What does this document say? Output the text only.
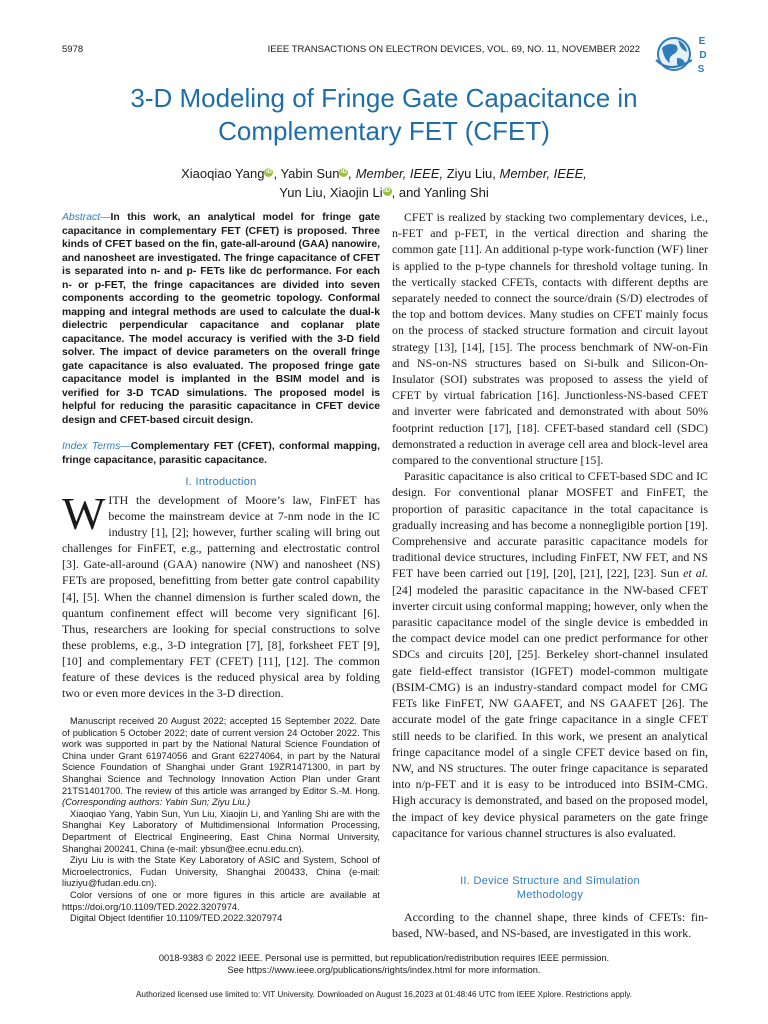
5978	IEEE TRANSACTIONS ON ELECTRON DEVICES, VOL. 69, NO. 11, NOVEMBER 2022
E
D
S
3-D Modeling of Fringe Gate Capacitance in
Complementary FET (CFET)
Xiaoqiao Yang iD , Yabin Sun iD , Member, IEEE, Ziyu Liu, Member, IEEE,
Yun Liu, Xiaojin Li iD , and Yanling Shi
Abstract—In this work, an analytical model for fringe gate capacitance in complementary FET (CFET) is proposed. Three kinds of CFET based on the fin, gate-all-around (GAA) nanowire, and nanosheet are investigated. The fringe capacitance of CFET is separated into n- and p- FETs like dc performance. For each n- or p-FET, the fringe capacitances are divided into seven components according to the geometric topology. Conformal mapping and integral methods are used to calculate the dual-k dielectric perpendicular capacitance and coplanar plate capacitance. The model accuracy is verified with the 3-D field solver. The impact of device parameters on the overall fringe gate capacitance is also evaluated. The proposed fringe gate capacitance model is implanted in the BSIM model and is verified for 3-D TCAD simulations. The proposed model is helpful for reducing the parasitic capacitance in CFET device design and CFET-based circuit design.
Index Terms—Complementary FET (CFET), conformal mapping, fringe capacitance, parasitic capacitance.
I. Introduction
WITH the development of Moore’s law, FinFET has become the mainstream device at 7-nm node in the IC industry [1], [2]; however, further scaling will bring out challenges for FinFET, e.g., patterning and electrostatic control [3]. Gate-all-around (GAA) nanowire (NW) and nanosheet (NS) FETs are proposed, benefitting from better gate control capability [4], [5]. When the channel dimension is further scaled down, the quantum confinement effect will become very significant [6]. Thus, researchers are looking for special constructions to solve these problems, e.g., 3-D integration [7], [8], forksheet FET [9], [10] and complementary FET (CFET) [11], [12]. The common feature of these devices is the reduced physical area by folding two or even more devices in the 3-D direction.

Manuscript received 20 August 2022; accepted 15 September 2022. Date of publication 5 October 2022; date of current version 24 October 2022. This work was supported in part by the National Natural Science Foundation of China under Grant 61974056 and Grant 62274064, in part by the Natural Science Foundation of Shanghai under Grant 19ZR1471300, in part by Shanghai Science and Technology Innovation Action Plan under Grant 21TS1401700. The review of this article was arranged by Editor S.-M. Hong. (Corresponding authors: Yabin Sun; Ziyu Liu.)

Xiaoqiao Yang, Yabin Sun, Yun Liu, Xiaojin Li, and Yanling Shi are with the Shanghai Key Laboratory of Multidimensional Information Processing, Department of Electrical Engineering, East China Normal University, Shanghai 200241, China (e-mail: ybsun@ee.ecnu.edu.cn).

Ziyu Liu is with the State Key Laboratory of ASIC and System, School of Microelectronics, Fudan University, Shanghai 200433, China (e-mail: liuziyu@fudan.edu.cn).

Color versions of one or more figures in this article are available at https://doi.org/10.1109/TED.2022.3207974.

Digital Object Identifier 10.1109/TED.2022.3207974

CFET is realized by stacking two complementary devices, i.e., n-FET and p-FET, in the vertical direction and sharing the common gate [11]. An additional p-type work-function (WF) liner is applied to the p-type channels for threshold voltage tuning. In the vertically stacked CFETs, contacts with different depths are separately needed to connect the source/drain (S/D) electrodes of the top and bottom devices. Many studies on CFET mainly focus on the process of stacked structure formation and circuit layout strategy [13], [14], [15]. The process benchmark of NW-on-Fin and NS-on-NS structures based on Si-bulk and Silicon-On-Insulator (SOI) substrates was proposed to assess the yield of CFET by virtual fabrication [16]. Junctionless-NS-based CFET and inverter were fabricated and demonstrated with about 50% footprint reduction [17], [18]. CFET-based standard cell (SDC) demonstrated a reduction in average cell area and block-level area compared to the conventional structure [15].

Parasitic capacitance is also critical to CFET-based SDC and IC design. For conventional planar MOSFET and FinFET, the proportion of parasitic capacitance in the total capacitance is gradually increasing and has become a nonnegligible portion [19]. Comprehensive and accurate parasitic capacitance models for traditional device structures, including FinFET, NW FET, and NS FET have been carried out [19], [20], [21], [22], [23]. Sun et al. [24] modeled the parasitic capacitance in the NW-based CFET inverter circuit using conformal mapping; however, only when the parasitic capacitance model of the single device is embedded in the compact device model can one predict performance for other SDCs and circuits [20], [25]. Berkeley short-channel insulated gate field-effect transistor (IGFET) model-common multigate (BSIM-CMG) is an industry-standard compact model for CMG FETs like FinFET, NW GAAFET, and NS GAAFET [26]. The accurate model of the gate fringe capacitance in a single CFET still needs to be clarified. In this work, we present an analytical fringe capacitance model of a single CFET device based on fin, NW, and NS structures. The outer fringe capacitance is separated into n/p-FET and it is easy to be introduced into BSIM-CMG. High accuracy is demonstrated, and based on the proposed model, the impact of key device physical parameters on the gate fringe capacitance for various channel structures is also evaluated.

II. Device Structure and Simulation
Methodology

According to the channel shape, three kinds of CFETs: fin-based, NW-based, and NS-based, are investigated in this work.

0018-9383 © 2022 IEEE. Personal use is permitted, but republication/redistribution requires IEEE permission.
See https://www.ieee.org/publications/rights/index.html for more information.
Authorized licensed use limited to: VIT University. Downloaded on August 16,2023 at 01:48:46 UTC from IEEE Xplore. Restrictions apply.
